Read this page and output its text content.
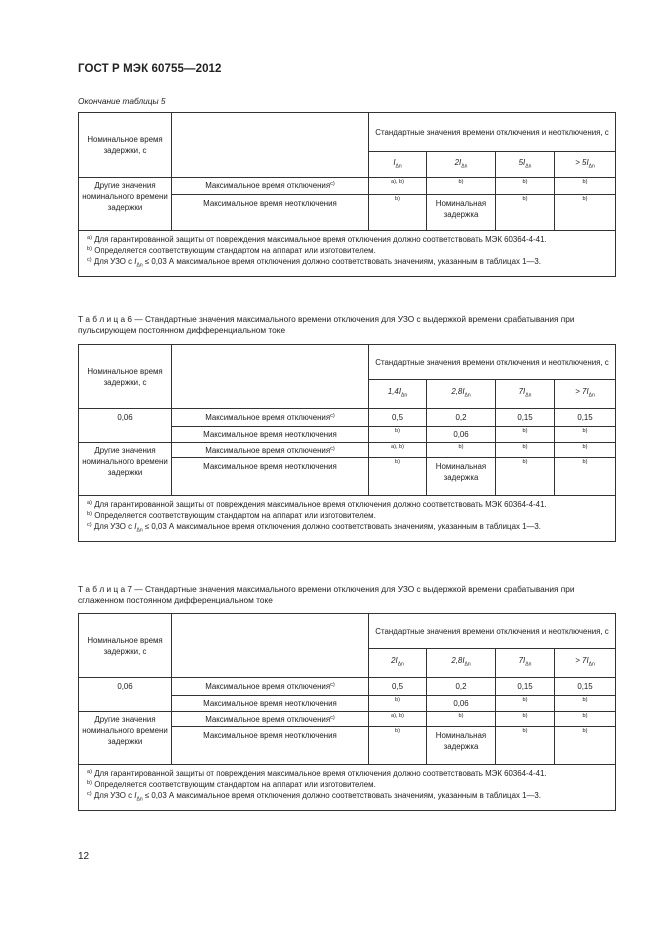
ГОСТ Р МЭК 60755—2012
Окончание таблицы 5
Номинальное время задержки, с		Стандартные значения времени отключения и неотключения, с			
		$I_{\Delta n}$	$2I_{\Delta n}$	$5I_{\Delta n}$	> $5I_{\Delta n}$
Другие значения номинального времени задержки	Максимальное время отключения$^{c)}$	a), b)	b)	b)	b)
	Максимальное время неотключения	b)	Номинальная задержка	b)	b)

$^{a)}$ Для гарантированной защиты от повреждения максимальное время отключения должно соответствовать МЭК 60364-4-41.
$^{b)}$ Определяется соответствующим стандартом на аппарат или изготовителем.
$^{c)}$ Для УЗО с $I_{\Delta n} \le 0,03$ А максимальное время отключения должно соответствовать значениям, указанным в таблицах 1—3.					
Т а б л и ц а 6 — Стандартные значения максимального времени отключения для УЗО с выдержкой времени срабатывания при пульсирующем постоянном дифференциальном токе
Номинальное время задержки, с		Стандартные значения времени отключения и неотключения, с			
		$1,4I_{\Delta n}$	$2,8I_{\Delta n}$	$7I_{\Delta n}$	> $7I_{\Delta n}$
0,06	Максимальное время отключения$^{c)}$	0,5	0,2	0,15	0,15
	Максимальное время неотключения	b)	0,06	b)	b)
Другие значения номинального времени задержки	Максимальное время отключения$^{c)}$	a), b)	b)	b)	b)
	Максимальное время неотключения	b)	Номинальная задержка	b)	b)

$^{a)}$ Для гарантированной защиты от повреждения максимальное время отключения должно соответствовать МЭК 60364-4-41.
$^{b)}$ Определяется соответствующим стандартом на аппарат или изготовителем.
$^{c)}$ Для УЗО с $I_{\Delta n} \le 0,03$ А максимальное время отключения должно соответствовать значениям, указанным в таблицах 1—3.					
Т а б л и ц а 7 — Стандартные значения максимального времени отключения для УЗО с выдержкой времени срабатывания при сглаженном постоянном дифференциальном токе
Номинальное время задержки, с		Стандартные значения времени отключения и неотключения, с			
		$2I_{\Delta n}$	$2,8I_{\Delta n}$	$7I_{\Delta n}$	> $7I_{\Delta n}$
0,06	Максимальное время отключения$^{c)}$	0,5	0,2	0,15	0,15
	Максимальное время неотключения	b)	0,06	b)	b)
Другие значения номинального времени задержки	Максимальное время отключения$^{c)}$	a), b)	b)	b)	b)
	Максимальное время неотключения	b)	Номинальная задержка	b)	b)

$^{a)}$ Для гарантированной защиты от повреждения максимальное время отключения должно соответствовать МЭК 60364-4-41.
$^{b)}$ Определяется соответствующим стандартом на аппарат или изготовителем.
$^{c)}$ Для УЗО с $I_{\Delta n} \le 0,03$ А максимальное время отключения должно соответствовать значениям, указанным в таблицах 1—3.					
12
